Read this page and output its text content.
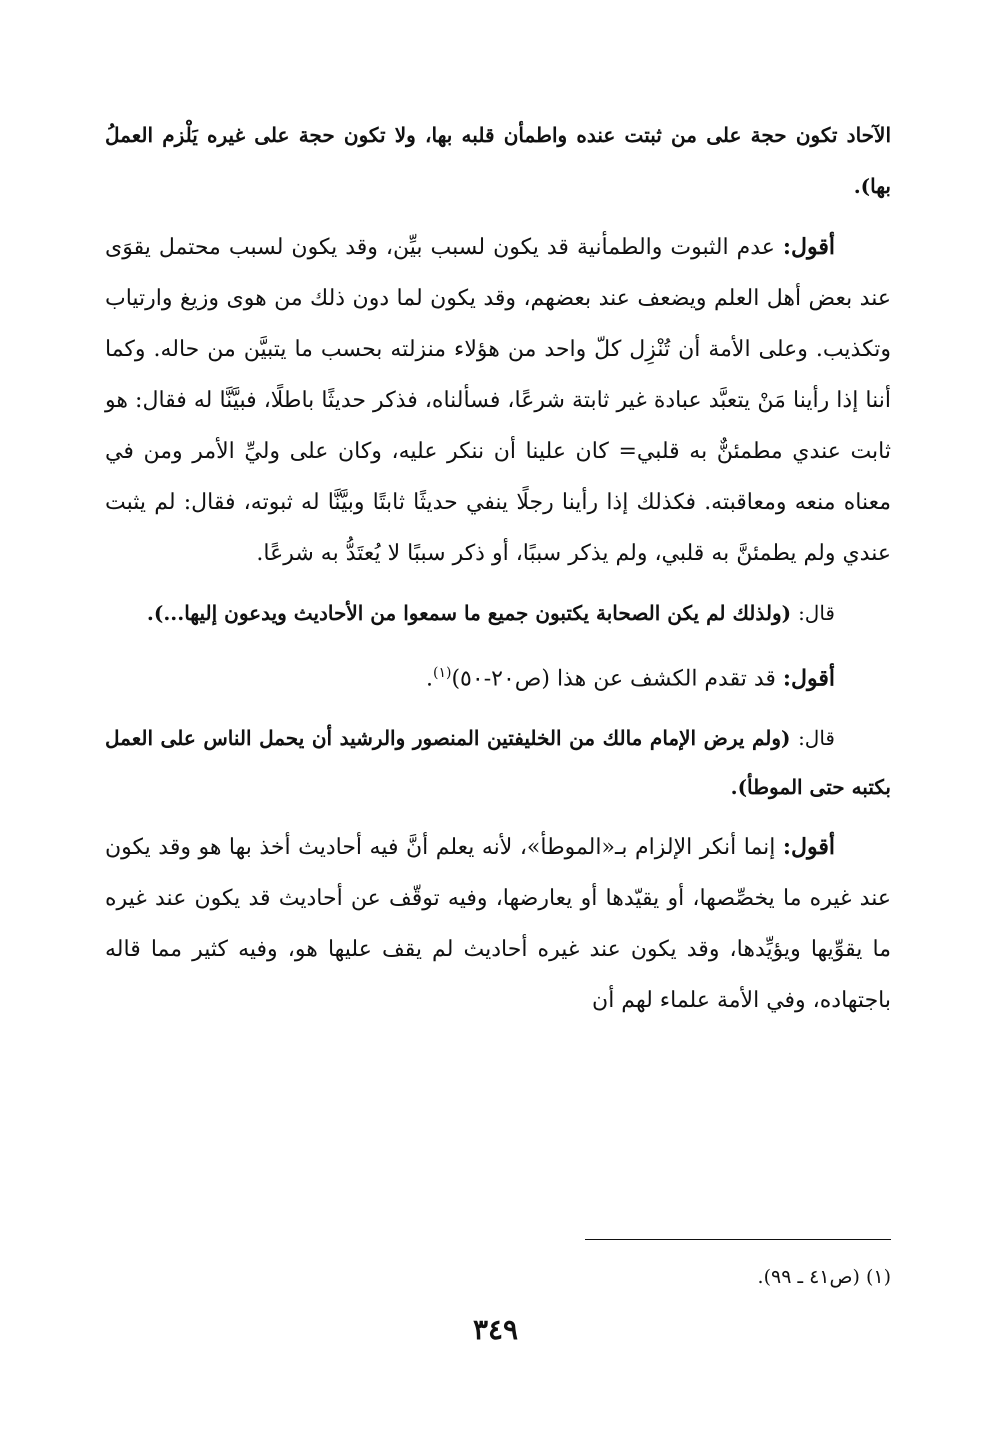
الآحاد تكون حجة على من ثبتت عنده واطمأن قلبه بها، ولا تكون حجة على غيره يَلْزم العملُ بها).

أقول: عدم الثبوت والطمأنية قد يكون لسبب بيِّن، وقد يكون لسبب محتمل يقوَى عند بعض أهل العلم ويضعف عند بعضهم، وقد يكون لما دون ذلك من هوى وزيغ وارتياب وتكذيب. وعلى الأمة أن تُنْزِل كلّ واحد من هؤلاء منزلته بحسب ما يتبيَّن من حاله. وكما أننا إذا رأينا مَنْ يتعبَّد عبادة غير ثابتة شرعًا، فسألناه، فذكر حديثًا باطلًا، فبيَّنَّا له فقال: هو ثابت عندي مطمئنٌّ به قلبي= كان علينا أن ننكر عليه، وكان على وليِّ الأمر ومن في معناه منعه ومعاقبته. فكذلك إذا رأينا رجلًا ينفي حديثًا ثابتًا وبيَّنَّا له ثبوته، فقال: لم يثبت عندي ولم يطمئنَّ به قلبي، ولم يذكر سببًا، أو ذكر سببًا لا يُعتَدُّ به شرعًا.

قال: (ولذلك لم يكن الصحابة يكتبون جميع ما سمعوا من الأحاديث ويدعون إليها...).

أقول: قد تقدم الكشف عن هذا (ص٢٠-٥٠)$^{(١)}$.

قال: (ولم يرض الإمام مالك من الخليفتين المنصور والرشيد أن يحمل الناس على العمل بكتبه حتى الموطأ).

أقول: إنما أنكر الإلزام بـ«الموطأ»، لأنه يعلم أنَّ فيه أحاديث أخذ بها هو وقد يكون عند غيره ما يخصِّصها، أو يقيّدها أو يعارضها، وفيه توقّف عن أحاديث قد يكون عند غيره ما يقوِّيها ويؤيِّدها، وقد يكون عند غيره أحاديث لم يقف عليها هو، وفيه كثير مما قاله باجتهاده، وفي الأمة علماء لهم أن

(١) (ص٤١ ـ ٩٩).
٣٤٩
